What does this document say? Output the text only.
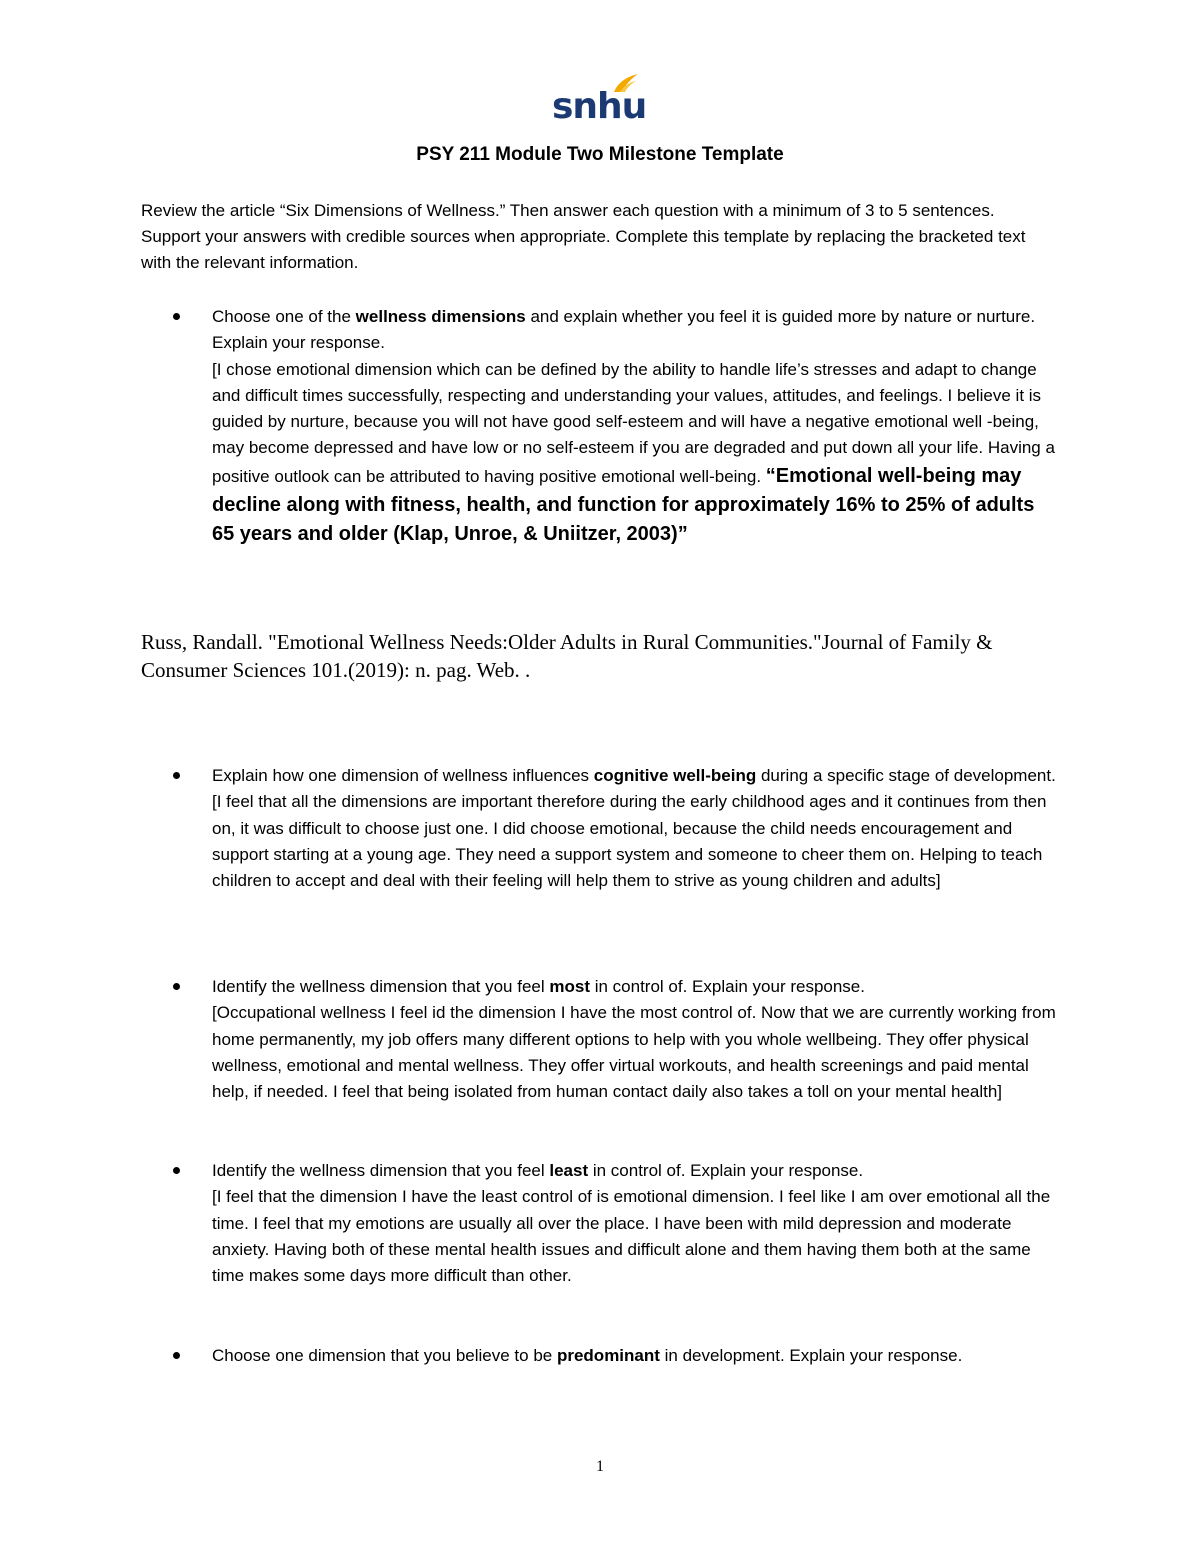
snhu
PSY 211 Module Two Milestone Template
Review the article “Six Dimensions of Wellness.” Then answer each question with a minimum of 3 to 5 sentences. Support your answers with credible sources when appropriate. Complete this template by replacing the bracketed text with the relevant information.
Choose one of the wellness dimensions and explain whether you feel it is guided more by nature or nurture. Explain your response.
[I chose emotional dimension which can be defined by the ability to handle life’s stresses and adapt to change and difficult times successfully, respecting and understanding your values, attitudes, and feelings. I believe it is guided by nurture, because you will not have good self-esteem and will have a negative emotional well -being, may become depressed and have low or no self-esteem if you are degraded and put down all your life. Having a positive outlook can be attributed to having positive emotional well-being. “Emotional well-being may decline along with fitness, health, and function for approximately 16% to 25% of adults 65 years and older (Klap, Unroe, & Uniitzer, 2003)”
Russ, Randall. "Emotional Wellness Needs:Older Adults in Rural Communities."Journal of Family & Consumer Sciences 101.(2019): n. pag. Web. .
Explain how one dimension of wellness influences cognitive well-being during a specific stage of development.
[I feel that all the dimensions are important therefore during the early childhood ages and it continues from then on, it was difficult to choose just one. I did choose emotional, because the child needs encouragement and support starting at a young age. They need a support system and someone to cheer them on. Helping to teach children to accept and deal with their feeling will help them to strive as young children and adults]
Identify the wellness dimension that you feel most in control of. Explain your response.
[Occupational wellness I feel id the dimension I have the most control of. Now that we are currently working from home permanently, my job offers many different options to help with you whole wellbeing. They offer physical wellness, emotional and mental wellness. They offer virtual workouts, and health screenings and paid mental help, if needed. I feel that being isolated from human contact daily also takes a toll on your mental health]
Identify the wellness dimension that you feel least in control of. Explain your response.
[I feel that the dimension I have the least control of is emotional dimension. I feel like I am over emotional all the time. I feel that my emotions are usually all over the place. I have been with mild depression and moderate anxiety. Having both of these mental health issues and difficult alone and them having them both at the same time makes some days more difficult than other.
Choose one dimension that you believe to be predominant in development. Explain your response.
1
